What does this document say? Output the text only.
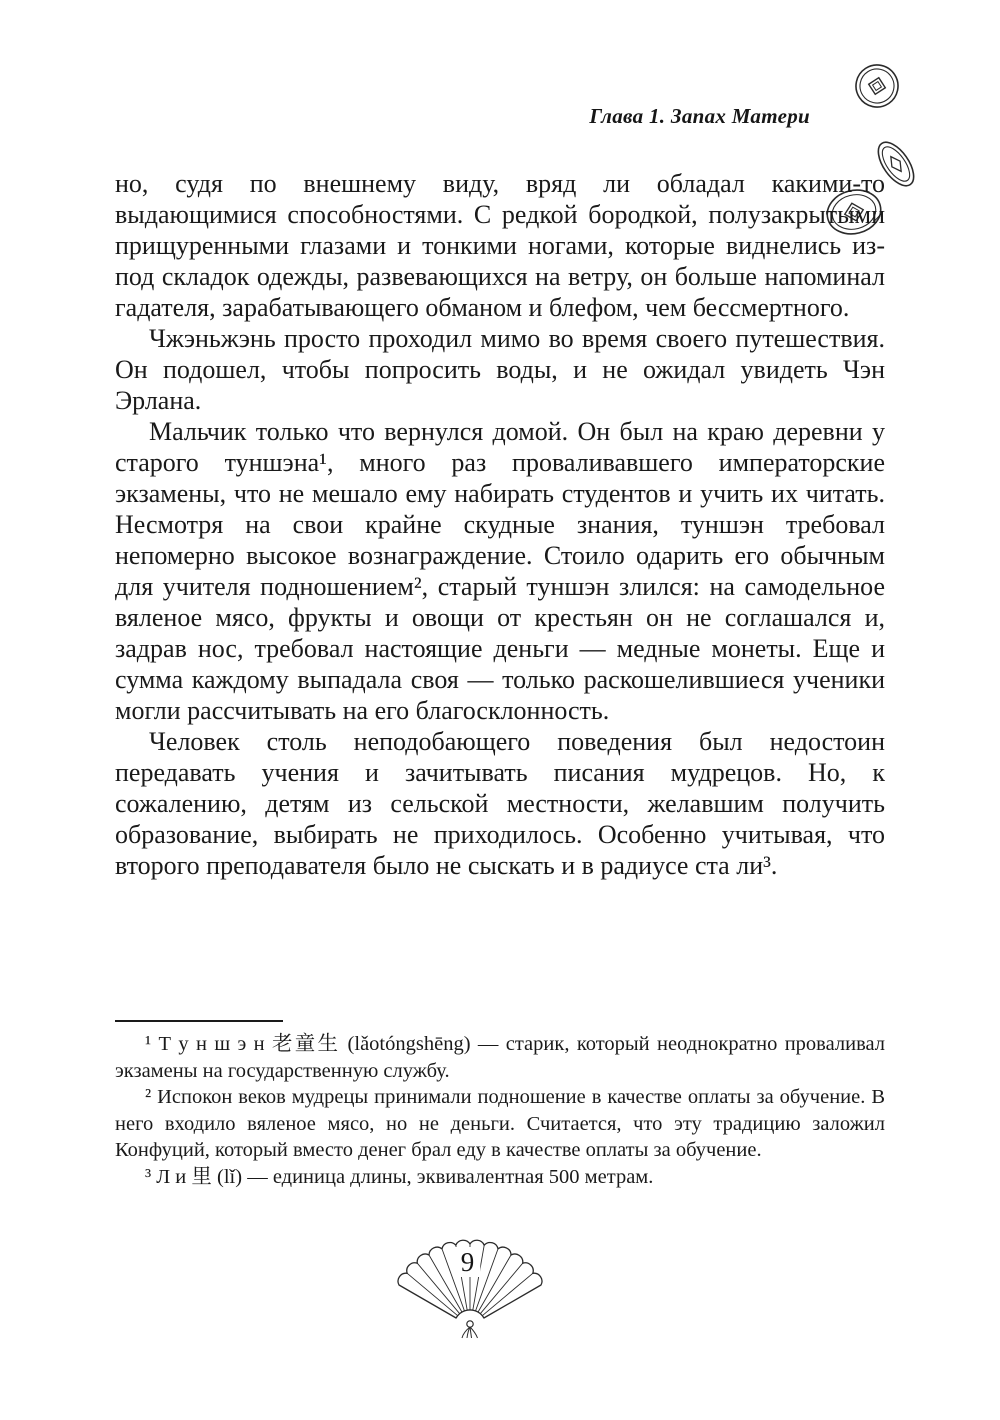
Глава 1. Запах Матери

но, судя по внешнему виду, вряд ли обладал какими-то выдающимися способностями. С редкой бородкой, полузакрытыми прищуренными глазами и тонкими ногами, которые виднелись из-под складок одежды, развевающихся на ветру, он больше напоминал гадателя, зарабатывающего обманом и блефом, чем бессмертного.

Чжэньжэнь просто проходил мимо во время своего путешествия. Он подошел, чтобы попросить воды, и не ожидал увидеть Чэн Эрлана.

Мальчик только что вернулся домой. Он был на краю деревни у старого туншэна¹, много раз проваливавшего императорские экзамены, что не мешало ему набирать студентов и учить их читать. Несмотря на свои крайне скудные знания, туншэн требовал непомерно высокое вознаграждение. Стоило одарить его обычным для учителя подношением², старый туншэн злился: на самодельное вяленое мясо, фрукты и овощи от крестьян он не соглашался и, задрав нос, требовал настоящие деньги — медные монеты. Еще и сумма каждому выпадала своя — только раскошелившиеся ученики могли рассчитывать на его благосклонность.

Человек столь неподобающего поведения был недостоин передавать учения и зачитывать писания мудрецов. Но, к сожалению, детям из сельской местности, желавшим получить образование, выбирать не приходилось. Особенно учитывая, что второго преподавателя было не сыскать и в радиусе ста ли³.

¹ Т у н ш э н 老童生 (lǎotóngshēng) — старик, который неоднократно проваливал экзамены на государственную службу.

² Испокон веков мудрецы принимали подношение в качестве оплаты за обучение. В него входило вяленое мясо, но не деньги. Считается, что эту традицию заложил Конфуций, который вместо денег брал еду в качестве оплаты за обучение.

³ Л и 里 (lǐ) — единица длины, эквивалентная 500 метрам.

9
